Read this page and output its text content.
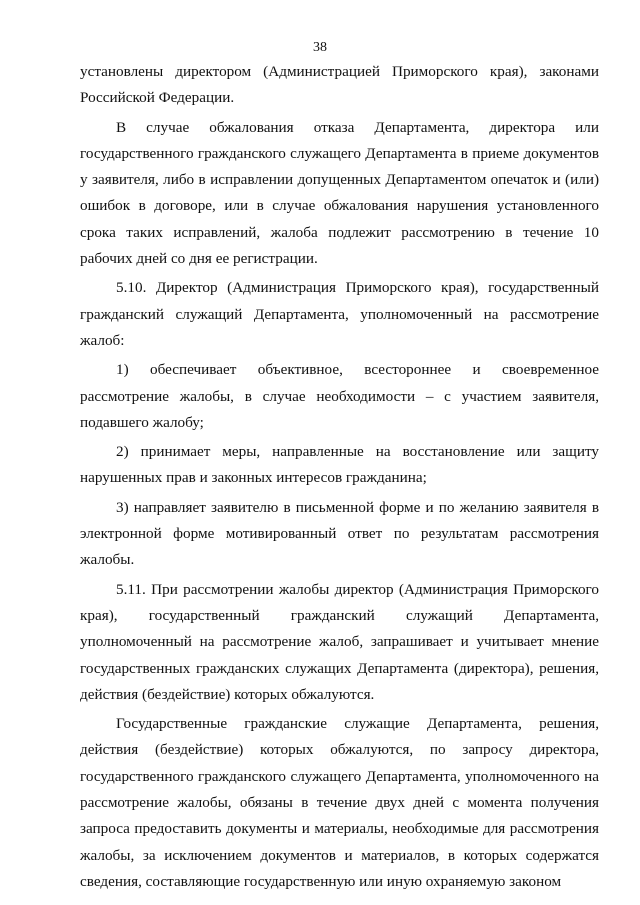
38

установлены директором (Администрацией Приморского края), законами Российской Федерации.

В случае обжалования отказа Департамента, директора или государственного гражданского служащего Департамента в приеме документов у заявителя, либо в исправлении допущенных Департаментом опечаток и (или) ошибок в договоре, или в случае обжалования нарушения установленного срока таких исправлений, жалоба подлежит рассмотрению в течение 10 рабочих дней со дня ее регистрации.

5.10. Директор (Администрация Приморского края), государственный гражданский служащий Департамента, уполномоченный на рассмотрение жалоб:

1) обеспечивает объективное, всестороннее и своевременное рассмотрение жалобы, в случае необходимости – с участием заявителя, подавшего жалобу;

2) принимает меры, направленные на восстановление или защиту нарушенных прав и законных интересов гражданина;

3) направляет заявителю в письменной форме и по желанию заявителя в электронной форме мотивированный ответ по результатам рассмотрения жалобы.

5.11. При рассмотрении жалобы директор (Администрация Приморского края), государственный гражданский служащий Департамента, уполномоченный на рассмотрение жалоб, запрашивает и учитывает мнение государственных гражданских служащих Департамента (директора), решения, действия (бездействие) которых обжалуются.

Государственные гражданские служащие Департамента, решения, действия (бездействие) которых обжалуются, по запросу директора, государственного гражданского служащего Департамента, уполномоченного на рассмотрение жалобы, обязаны в течение двух дней с момента получения запроса предоставить документы и материалы, необходимые для рассмотрения жалобы, за исключением документов и материалов, в которых содержатся сведения, составляющие государственную или иную охраняемую законом
